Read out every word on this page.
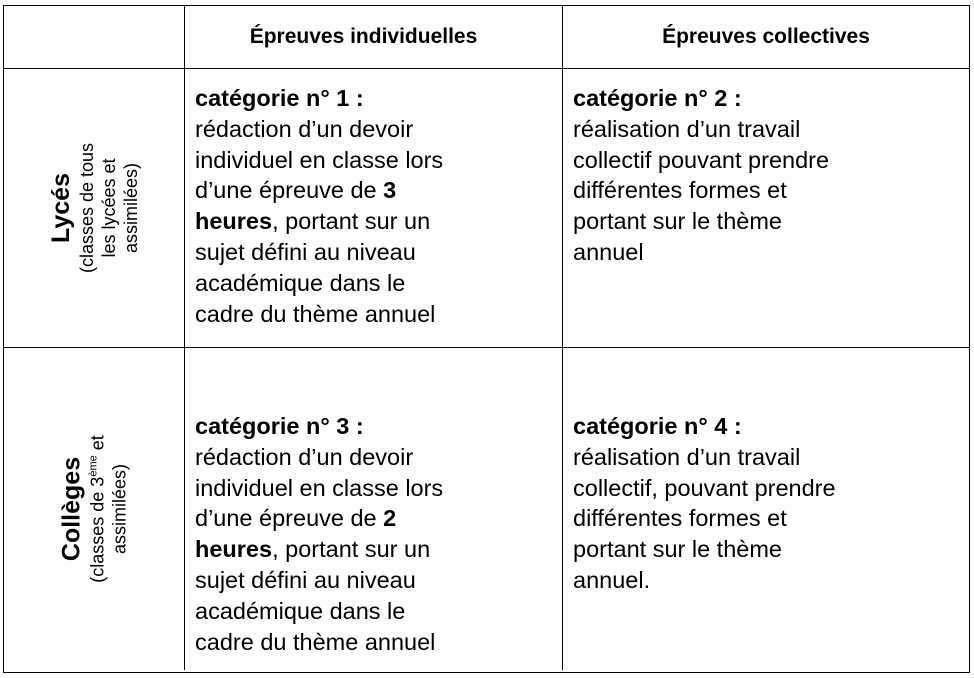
Épreuves individuelles	Épreuves collectives
Lycés (classes de tous les lycées et assimilées)
catégorie n° 1 :
rédaction d’un devoir
individuel en classe lors
d’une épreuve de 3
heures, portant sur un
sujet défini au niveau
académique dans le
cadre du thème annuel
catégorie n° 2 :
réalisation d’un travail
collectif pouvant prendre
différentes formes et
portant sur le thème
annuel
Collèges (classes de 3ème et
assimilées)
catégorie n° 3 :
rédaction d’un devoir
individuel en classe lors
d’une épreuve de 2
heures, portant sur un
sujet défini au niveau
académique dans le
cadre du thème annuel
catégorie n° 4 :
réalisation d’un travail
collectif, pouvant prendre
différentes formes et
portant sur le thème
annuel.
